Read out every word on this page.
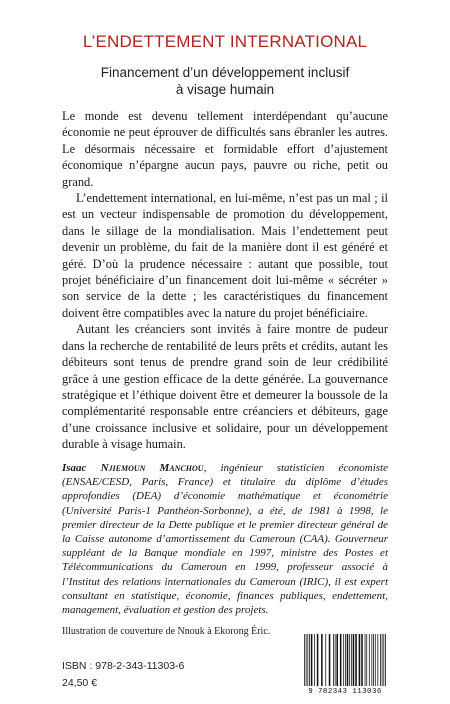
L’ENDETTEMENT INTERNATIONAL
Financement d’un développement inclusif
à visage humain

Le monde est devenu tellement interdépendant qu’aucune économie ne peut éprouver de difficultés sans ébranler les autres. Le désormais nécessaire et formidable effort d’ajustement économique n’épargne aucun pays, pauvre ou riche, petit ou grand.

L’endettement international, en lui-même, n’est pas un mal ; il est un vecteur indispensable de promotion du développement, dans le sillage de la mondialisation. Mais l’endettement peut devenir un problème, du fait de la manière dont il est généré et géré. D’où la prudence nécessaire : autant que possible, tout projet bénéficiaire d’un financement doit lui-même « sécréter » son service de la dette ; les caractéristiques du financement doivent être compatibles avec la nature du projet bénéficiaire.

Autant les créanciers sont invités à faire montre de pudeur dans la recherche de rentabilité de leurs prêts et crédits, autant les débiteurs sont tenus de prendre grand soin de leur crédibilité grâce à une gestion efficace de la dette générée. La gouvernance stratégique et l’éthique doivent être et demeurer la boussole de la complémentarité responsable entre créanciers et débiteurs, gage d’une croissance inclusive et solidaire, pour un développement durable à visage humain.

Isaac Njiemoun Manchou, ingénieur statisticien économiste (ENSAE/CESD, Paris, France) et titulaire du diplôme d’études approfondies (DEA) d’économie mathématique et économétrie (Université Paris-1 Panthéon-Sorbonne), a été, de 1981 à 1998, le premier directeur de la Dette publique et le premier directeur général de la Caisse autonome d’amortissement du Cameroun (CAA). Gouverneur suppléant de la Banque mondiale en 1997, ministre des Postes et Télécommunications du Cameroun en 1999, professeur associé à l’Institut des relations internationales du Cameroun (IRIC), il est expert consultant en statistique, économie, finances publiques, endettement, management, évaluation et gestion des projets.

Illustration de couverture de Nnouk à Ekorong Éric.
ISBN : 978-2-343-11303-6
24,50 €
9 782343 113036
